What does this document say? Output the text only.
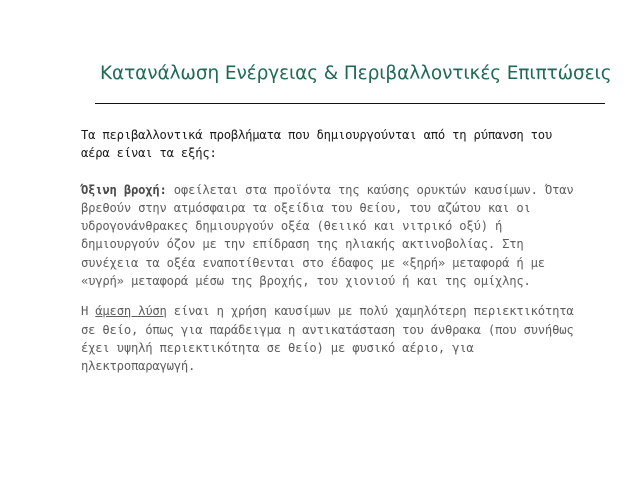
Κατανάλωση Ενέργειας & Περιβαλλοντικές Επιπτώσεις

Τα περιβαλλοντικά προβλήματα που δημιουργούνται από τη ρύπανση του αέρα είναι τα εξής:

Όξινη βροχή: οφείλεται στα προϊόντα της καύσης ορυκτών καυσίμων. Όταν βρεθούν στην ατμόσφαιρα τα οξείδια του θείου, του αζώτου και οι υδρογονάνθρακες δημιουργούν οξέα (θειικό και νιτρικό οξύ) ή δημιουργούν όζον με την επίδραση της ηλιακής ακτινοβολίας. Στη συνέχεια τα οξέα εναποτίθενται στο έδαφος με «ξηρή» μεταφορά ή με «υγρή» μεταφορά μέσω της βροχής, του χιονιού ή και της ομίχλης.

Η άμεση λύση είναι η χρήση καυσίμων με πολύ χαμηλότερη περιεκτικότητα σε θείο, όπως για παράδειγμα η αντικατάσταση του άνθρακα (που συνήθως έχει υψηλή περιεκτικότητα σε θείο) με φυσικό αέριο, για ηλεκτροπαραγωγή.
